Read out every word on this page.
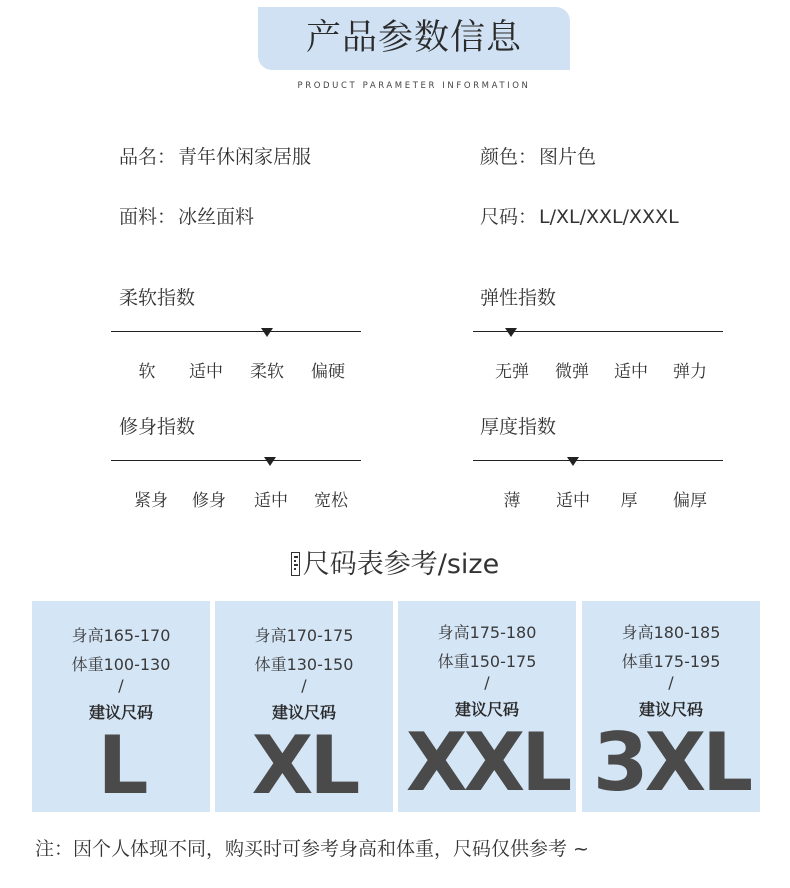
产品参数信息
PRODUCT PARAMETER INFORMATION
品名： 青年休闲家居服	颜色： 图片色
面料： 冰丝面料	尺码： L/XL/XXL/XXXL
柔软指数
软 适中 柔软 偏硬
弹性指数
无弹 微弹 适中 弹力
修身指数
紧身 修身 适中 宽松
厚度指数
薄 适中 厚 偏厚
尺码表参考/size
身高165-170
体重100-130
/
建议尺码
L
身高170-175
体重130-150
/
建议尺码
XL
身高175-180
体重150-175
/
建议尺码
XXL
身高180-185
体重175-195
/
建议尺码
3XL
注：因个人体现不同，购买时可参考身高和体重，尺码仅供参考 ~
